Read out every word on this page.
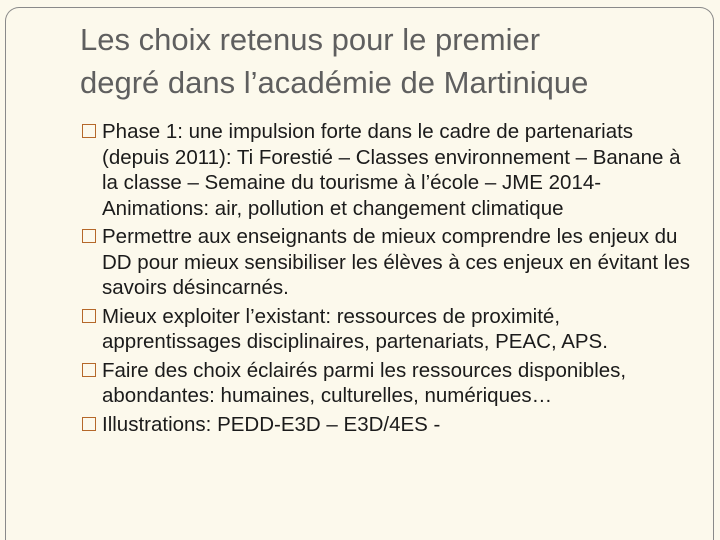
Les choix retenus pour le premier
degré dans l’académie de Martinique
Phase 1: une impulsion forte dans le cadre de partenariats (depuis 2011): Ti Forestié – Classes environnement – Banane à la classe – Semaine du tourisme à l’école – JME 2014- Animations: air, pollution et changement climatique
Permettre aux enseignants de mieux comprendre les enjeux du DD pour mieux sensibiliser les élèves à ces enjeux en évitant les savoirs désincarnés.
Mieux exploiter l’existant: ressources de proximité, apprentissages disciplinaires, partenariats, PEAC, APS.
Faire des choix éclairés parmi les ressources disponibles, abondantes: humaines, culturelles, numériques…
Illustrations: PEDD-E3D – E3D/4ES -
